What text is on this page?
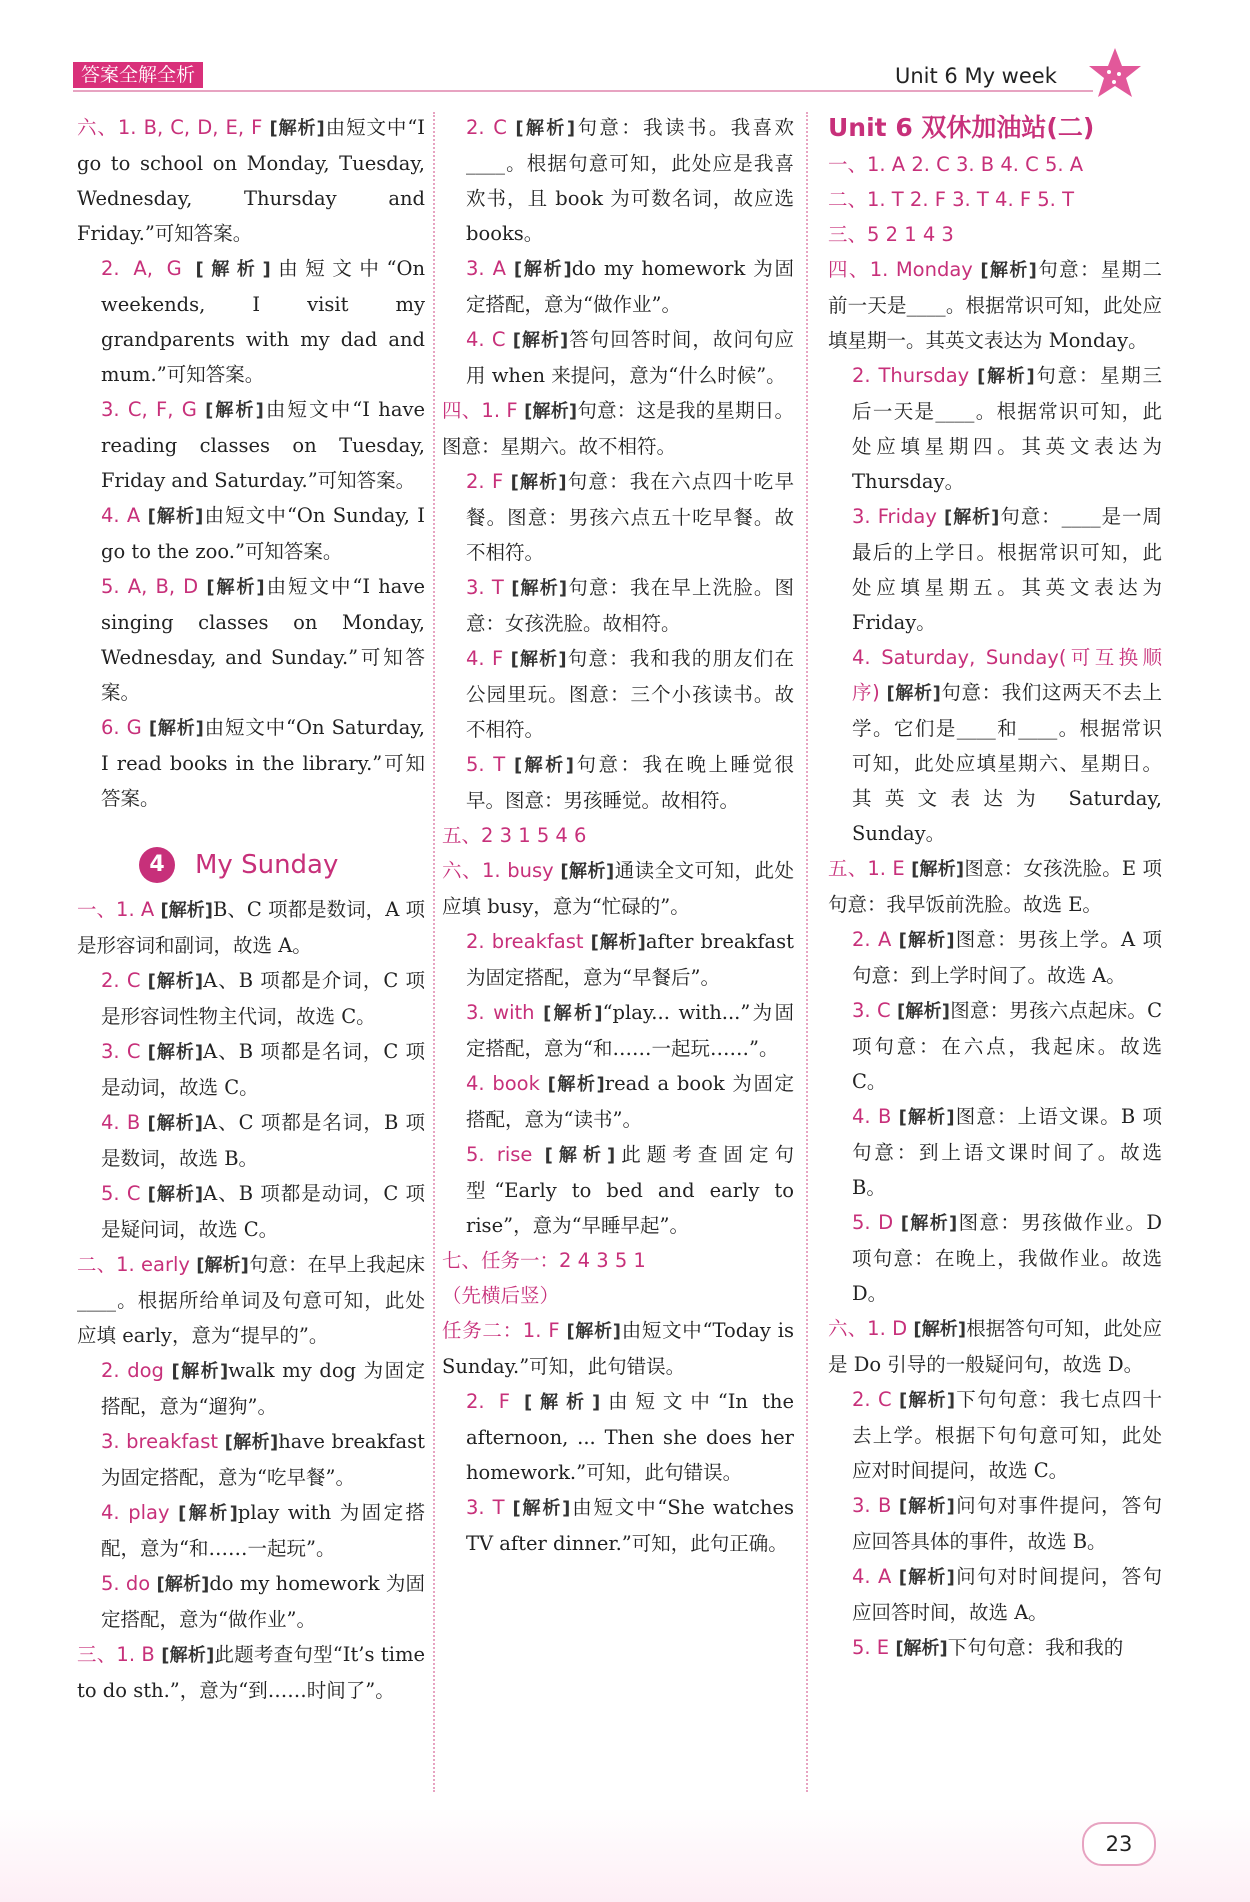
答案全解全析	Unit 6 My week
六、1. B, C, D, E, F [解析]由短文中“I go to school on Monday, Tuesday, Wednesday, Thursday and Friday.”可知答案。
2. A, G [解析]由短文中“On weekends, I visit my grandparents with my dad and mum.”可知答案。
3. C, F, G [解析]由短文中“I have reading classes on Tuesday, Friday and Saturday.”可知答案。
4. A [解析]由短文中“On Sunday, I go to the zoo.”可知答案。
5. A, B, D [解析]由短文中“I have singing classes on Monday, Wednesday, and Sunday.”可知答案。
6. G [解析]由短文中“On Saturday, I read books in the library.”可知答案。
4	My Sunday
一、1. A [解析]B、C 项都是数词，A 项是形容词和副词，故选 A。
2. C [解析]A、B 项都是介词，C 项是形容词性物主代词，故选 C。
3. C [解析]A、B 项都是名词，C 项是动词，故选 C。
4. B [解析]A、C 项都是名词，B 项是数词，故选 B。
5. C [解析]A、B 项都是动词，C 项是疑问词，故选 C。
二、1. early [解析]句意：在早上我起床____。根据所给单词及句意可知，此处应填 early，意为“提早的”。
2. dog [解析]walk my dog 为固定搭配，意为“遛狗”。
3. breakfast [解析]have breakfast 为固定搭配，意为“吃早餐”。
4. play [解析]play with 为固定搭配，意为“和……一起玩”。
5. do [解析]do my homework 为固定搭配，意为“做作业”。
三、1. B [解析]此题考查句型“It’s time to do sth.”，意为“到……时间了”。
2. C [解析]句意：我读书。我喜欢____。根据句意可知，此处应是我喜欢书，且 book 为可数名词，故应选 books。
3. A [解析]do my homework 为固定搭配，意为“做作业”。
4. C [解析]答句回答时间，故问句应用 when 来提问，意为“什么时候”。
四、1. F [解析]句意：这是我的星期日。图意：星期六。故不相符。
2. F [解析]句意：我在六点四十吃早餐。图意：男孩六点五十吃早餐。故不相符。
3. T [解析]句意：我在早上洗脸。图意：女孩洗脸。故相符。
4. F [解析]句意：我和我的朋友们在公园里玩。图意：三个小孩读书。故不相符。
5. T [解析]句意：我在晚上睡觉很早。图意：男孩睡觉。故相符。
五、2 3 1 5 4 6
六、1. busy [解析]通读全文可知，此处应填 busy，意为“忙碌的”。
2. breakfast [解析]after breakfast 为固定搭配，意为“早餐后”。
3. with [解析]“play... with...”为固定搭配，意为“和……一起玩……”。
4. book [解析]read a book 为固定搭配，意为“读书”。
5. rise [解析]此题考查固定句型“Early to bed and early to rise”，意为“早睡早起”。
七、任务一：2 4 3 5 1
（先横后竖）
任务二：1. F [解析]由短文中“Today is Sunday.”可知，此句错误。
2. F [解析]由短文中“In the afternoon, ... Then she does her homework.”可知，此句错误。
3. T [解析]由短文中“She watches TV after dinner.”可知，此句正确。
Unit 6 双休加油站(二)
一、1. A 2. C 3. B 4. C 5. A
二、1. T 2. F 3. T 4. F 5. T
三、5 2 1 4 3
四、1. Monday [解析]句意：星期二前一天是____。根据常识可知，此处应填星期一。其英文表达为 Monday。
2. Thursday [解析]句意：星期三后一天是____。根据常识可知，此处应填星期四。其英文表达为 Thursday。
3. Friday [解析]句意：____是一周最后的上学日。根据常识可知，此处应填星期五。其英文表达为 Friday。
4. Saturday, Sunday(可互换顺序) [解析]句意：我们这两天不去上学。它们是____和____。根据常识可知，此处应填星期六、星期日。其英文表达为 Saturday, Sunday。
五、1. E [解析]图意：女孩洗脸。E 项句意：我早饭前洗脸。故选 E。
2. A [解析]图意：男孩上学。A 项句意：到上学时间了。故选 A。
3. C [解析]图意：男孩六点起床。C 项句意：在六点，我起床。故选 C。
4. B [解析]图意：上语文课。B 项句意：到上语文课时间了。故选 B。
5. D [解析]图意：男孩做作业。D 项句意：在晚上，我做作业。故选 D。
六、1. D [解析]根据答句可知，此处应是 Do 引导的一般疑问句，故选 D。
2. C [解析]下句句意：我七点四十去上学。根据下句句意可知，此处应对时间提问，故选 C。
3. B [解析]问句对事件提问，答句应回答具体的事件，故选 B。
4. A [解析]问句对时间提问，答句应回答时间，故选 A。
5. E [解析]下句句意：我和我的
23
